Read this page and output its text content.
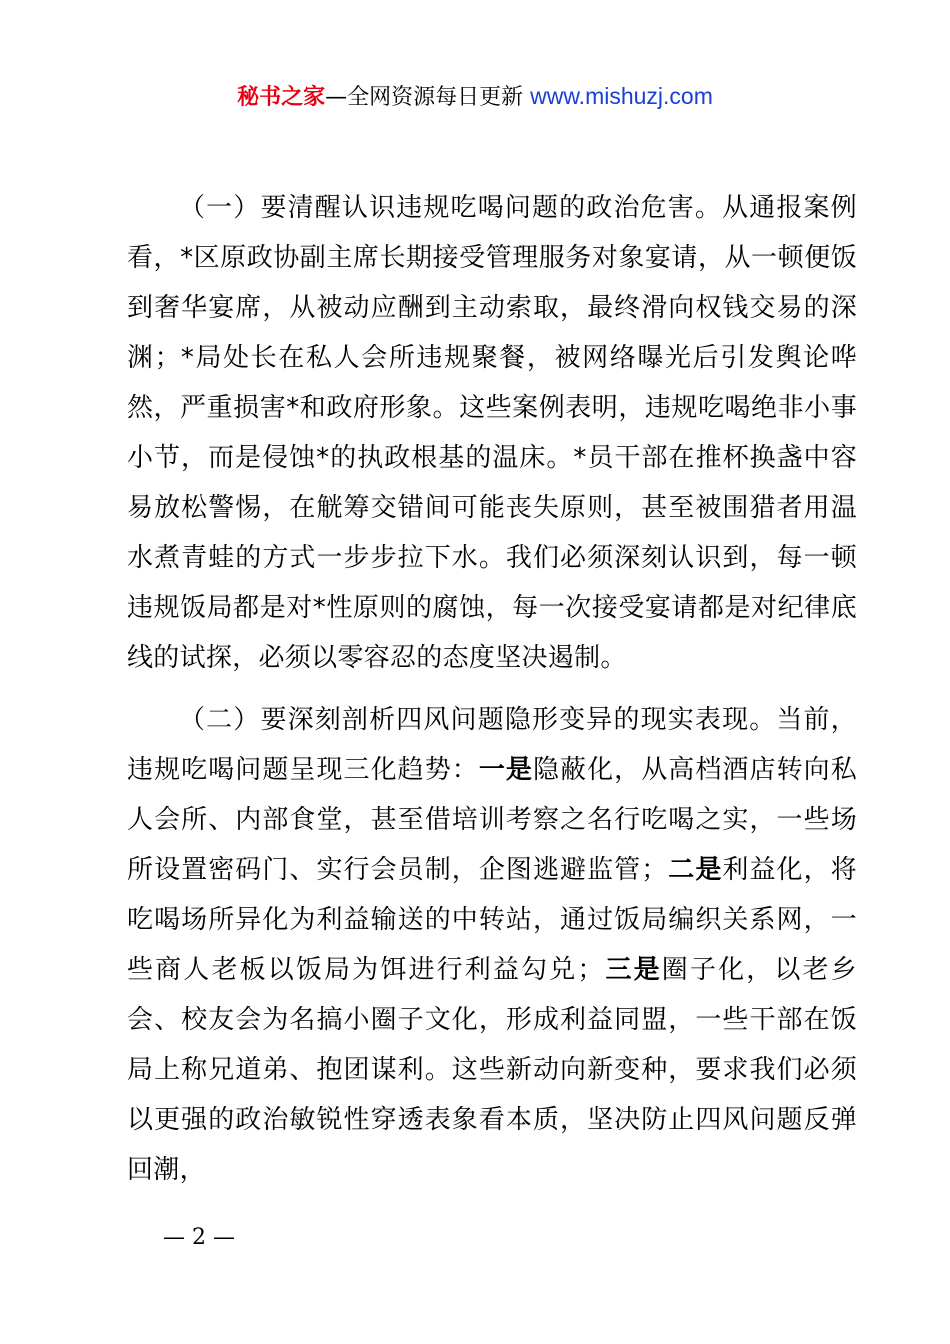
秘书之家—全网资源每日更新 www.mishuzj.com

（一）要清醒认识违规吃喝问题的政治危害。从通报案例看，*区原政协副主席长期接受管理服务对象宴请，从一顿便饭到奢华宴席，从被动应酬到主动索取，最终滑向权钱交易的深渊；*局处长在私人会所违规聚餐，被网络曝光后引发舆论哗然，严重损害*和政府形象。这些案例表明，违规吃喝绝非小事小节，而是侵蚀*的执政根基的温床。*员干部在推杯换盏中容易放松警惕，在觥筹交错间可能丧失原则，甚至被围猎者用温水煮青蛙的方式一步步拉下水。我们必须深刻认识到，每一顿违规饭局都是对*性原则的腐蚀，每一次接受宴请都是对纪律底线的试探，必须以零容忍的态度坚决遏制。

（二）要深刻剖析四风问题隐形变异的现实表现。当前，违规吃喝问题呈现三化趋势：一是隐蔽化，从高档酒店转向私人会所、内部食堂，甚至借培训考察之名行吃喝之实，一些场所设置密码门、实行会员制，企图逃避监管；二是利益化，将吃喝场所异化为利益输送的中转站，通过饭局编织关系网，一些商人老板以饭局为饵进行利益勾兑；三是圈子化，以老乡会、校友会为名搞小圈子文化，形成利益同盟，一些干部在饭局上称兄道弟、抱团谋利。这些新动向新变种，要求我们必须以更强的政治敏锐性穿透表象看本质，坚决防止四风问题反弹回潮，

— 2 —
